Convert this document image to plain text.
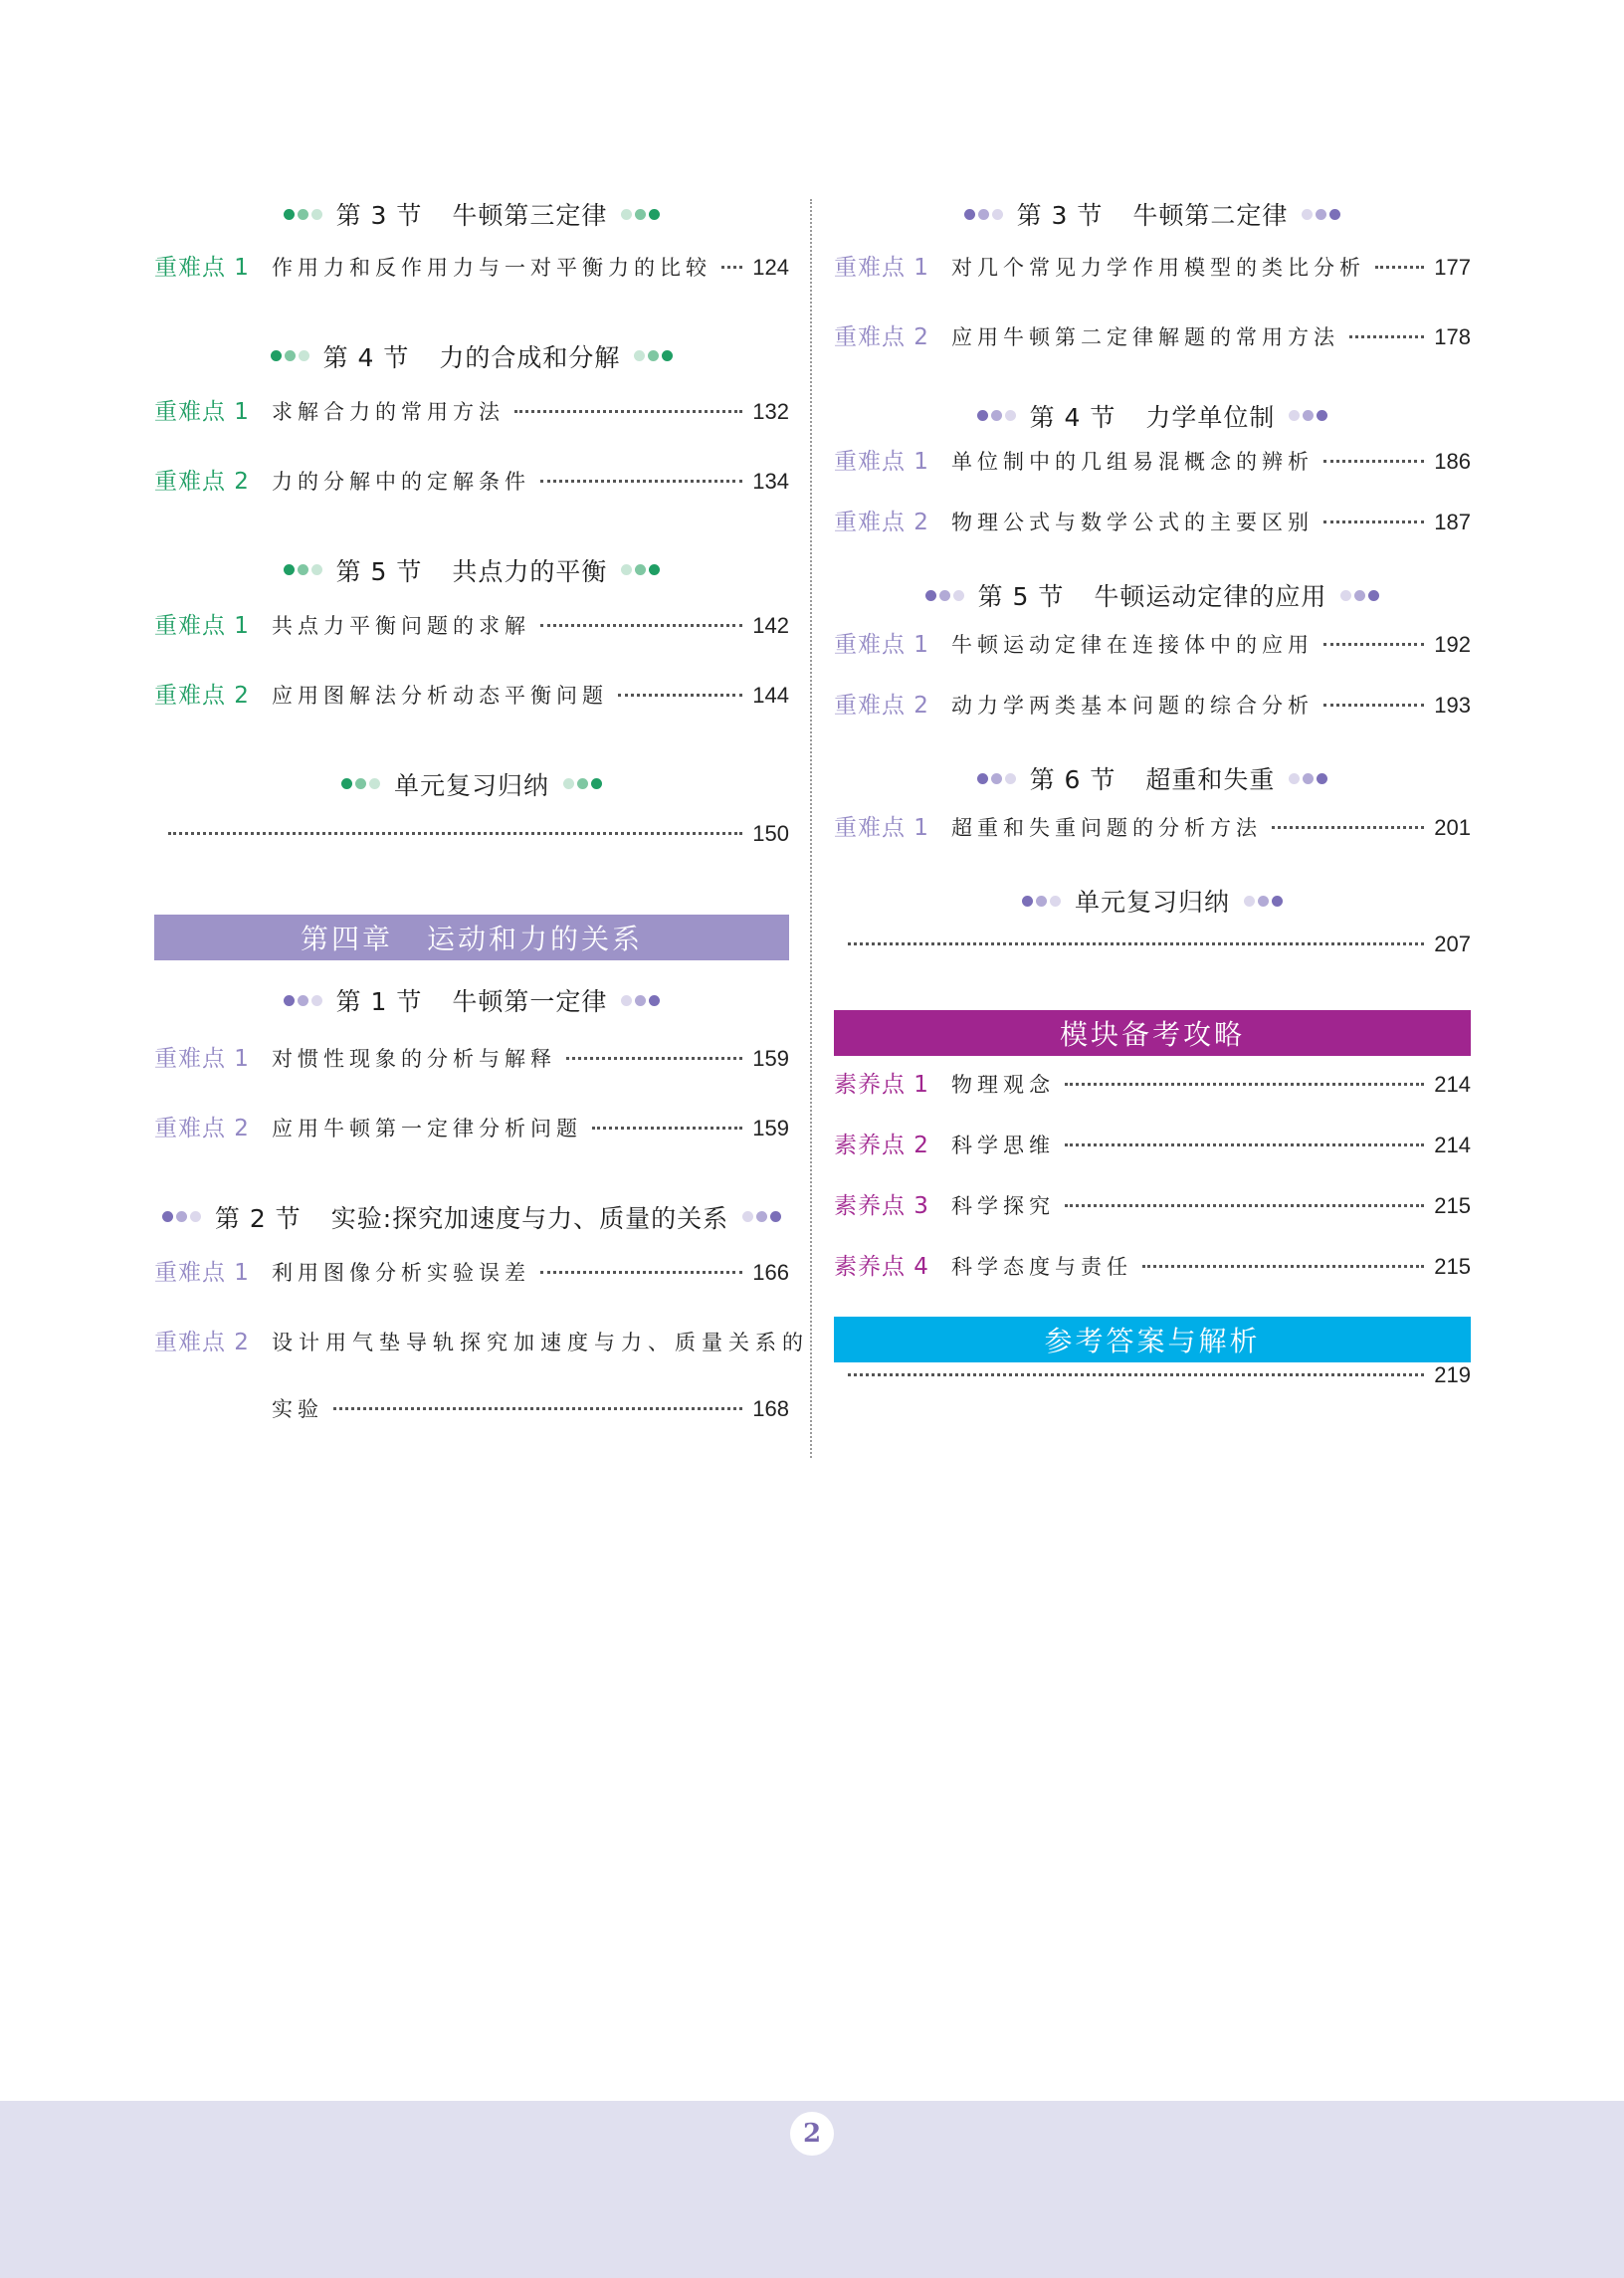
第 3 节 牛顿第三定律
重难点 1	作用力和反作用力与一对平衡力的比较 124
第 4 节 力的合成和分解
重难点 1	求解合力的常用方法	132
重难点 2	力的分解中的定解条件	134
第 5 节 共点力的平衡
重难点 1	共点力平衡问题的求解	142
重难点 2	应用图解法分析动态平衡问题	144
单元复习归纳
150
第四章 运动和力的关系
第 1 节 牛顿第一定律
重难点 1	对惯性现象的分析与解释	159
重难点 2	应用牛顿第一定律分析问题	159
第 2 节 实验:探究加速度与力、质量的关系
重难点 1	利用图像分析实验误差	166
重难点 2	设计用气垫导轨探究加速度与力、质量关系的
实验	168
第 3 节 牛顿第二定律
重难点 1	对几个常见力学作用模型的类比分析	177
重难点 2	应用牛顿第二定律解题的常用方法	178
第 4 节 力学单位制
重难点 1	单位制中的几组易混概念的辨析	186
重难点 2	物理公式与数学公式的主要区别	187
第 5 节 牛顿运动定律的应用
重难点 1	牛顿运动定律在连接体中的应用	192
重难点 2	动力学两类基本问题的综合分析	193
第 6 节 超重和失重
重难点 1	超重和失重问题的分析方法	201
单元复习归纳
207
模块备考攻略
素养点 1	物理观念	214
素养点 2	科学思维	214
素养点 3	科学探究	215
素养点 4	科学态度与责任	215
参考答案与解析
219
2
